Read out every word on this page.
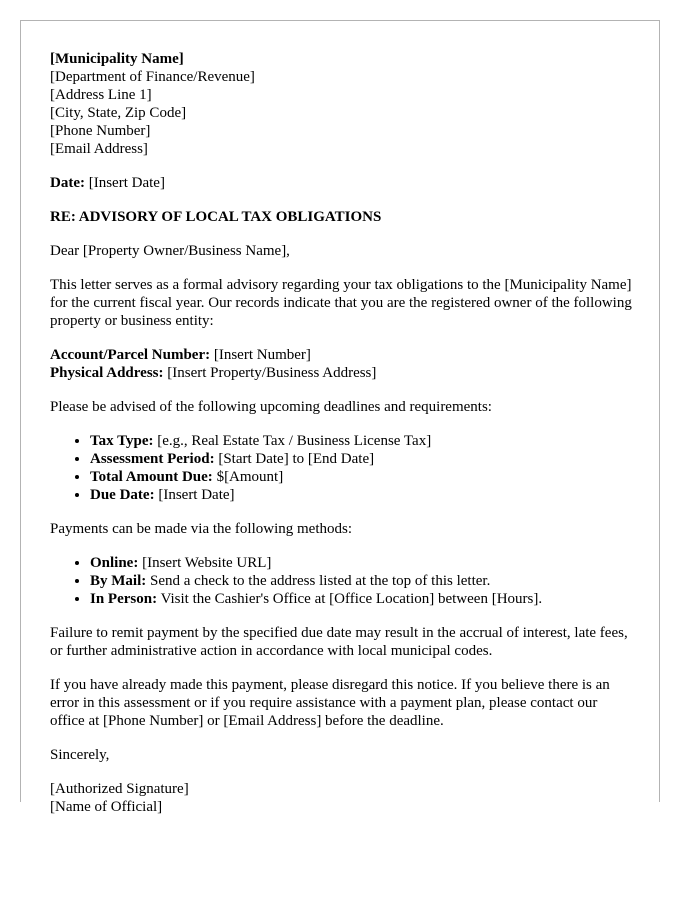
[Municipality Name]
[Department of Finance/Revenue]
[Address Line 1]
[City, State, Zip Code]
[Phone Number]
[Email Address]

Date: [Insert Date]

RE: ADVISORY OF LOCAL TAX OBLIGATIONS

Dear [Property Owner/Business Name],

This letter serves as a formal advisory regarding your tax obligations to the [Municipality Name] for the current fiscal year. Our records indicate that you are the registered owner of the following property or business entity:

Account/Parcel Number: [Insert Number]
Physical Address: [Insert Property/Business Address]

Please be advised of the following upcoming deadlines and requirements:

• Tax Type: [e.g., Real Estate Tax / Business License Tax]
• Assessment Period: [Start Date] to [End Date]
• Total Amount Due: $[Amount]
• Due Date: [Insert Date]

Payments can be made via the following methods:

• Online: [Insert Website URL]
• By Mail: Send a check to the address listed at the top of this letter.
• In Person: Visit the Cashier's Office at [Office Location] between [Hours].

Failure to remit payment by the specified due date may result in the accrual of interest, late fees, or further administrative action in accordance with local municipal codes.

If you have already made this payment, please disregard this notice. If you believe there is an error in this assessment or if you require assistance with a payment plan, please contact our office at [Phone Number] or [Email Address] before the deadline.

Sincerely,

[Authorized Signature]
[Name of Official]
